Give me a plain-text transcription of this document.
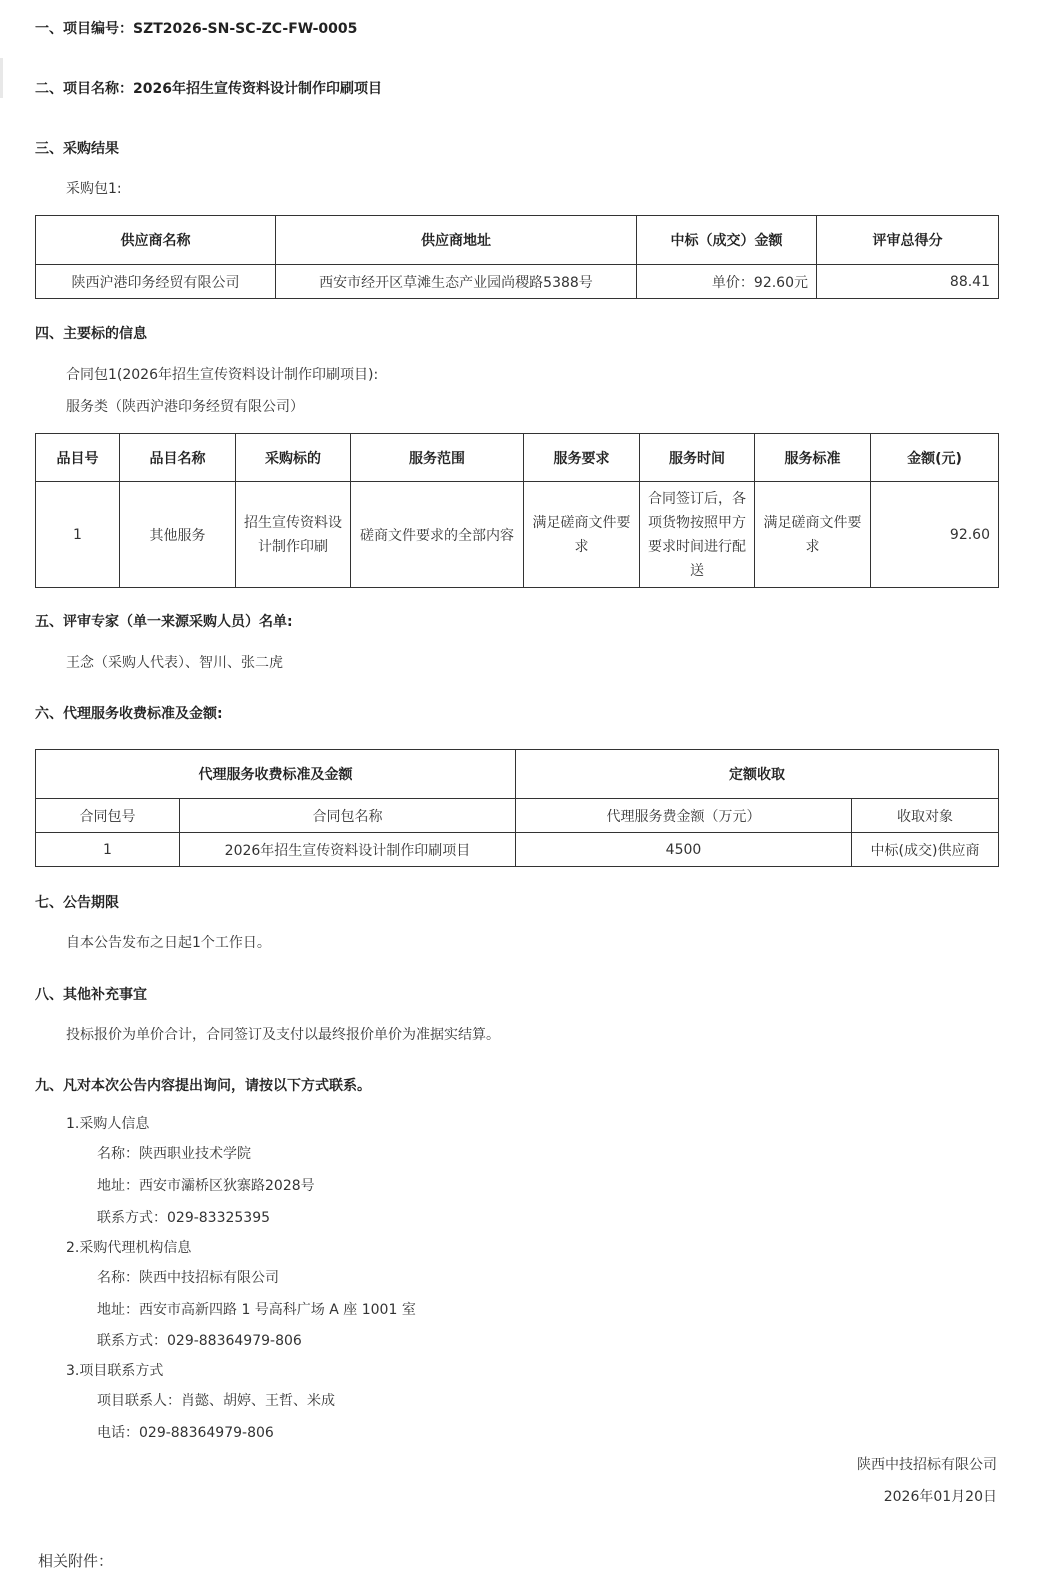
一、项目编号：SZT2026-SN-SC-ZC-FW-0005
二、项目名称：2026年招生宣传资料设计制作印刷项目
三、采购结果
采购包1:
供应商名称	供应商地址	中标（成交）金额	评审总得分
陕西沪港印务经贸有限公司	西安市经开区草滩生态产业园尚稷路5388号	单价：92.60元	88.41
四、主要标的信息
合同包1(2026年招生宣传资料设计制作印刷项目):
服务类（陕西沪港印务经贸有限公司）
品目号	品目名称	采购标的	服务范围	服务要求	服务时间	服务标准	金额(元)
1	其他服务	招生宣传资料设计制作印刷	磋商文件要求的全部内容	满足磋商文件要求	合同签订后，各项货物按照甲方要求时间进行配送	满足磋商文件要求	92.60
五、评审专家（单一来源采购人员）名单:
王念（采购人代表）、智川、张二虎
六、代理服务收费标准及金额:
代理服务收费标准及金额		定额收取	
合同包号	合同包名称	代理服务费金额（万元）	收取对象
1	2026年招生宣传资料设计制作印刷项目	4500	中标(成交)供应商
七、公告期限
自本公告发布之日起1个工作日。
八、其他补充事宜
投标报价为单价合计，合同签订及支付以最终报价单价为准据实结算。
九、凡对本次公告内容提出询问，请按以下方式联系。
1.采购人信息
名称：陕西职业技术学院
地址：西安市灞桥区狄寨路2028号
联系方式：029-83325395
2.采购代理机构信息
名称：陕西中技招标有限公司
地址：西安市高新四路 1 号高科广场 A 座 1001 室
联系方式：029-88364979-806
3.项目联系方式
项目联系人：肖懿、胡婷、王哲、米成
电话：029-88364979-806
陕西中技招标有限公司
2026年01月20日
相关附件：
